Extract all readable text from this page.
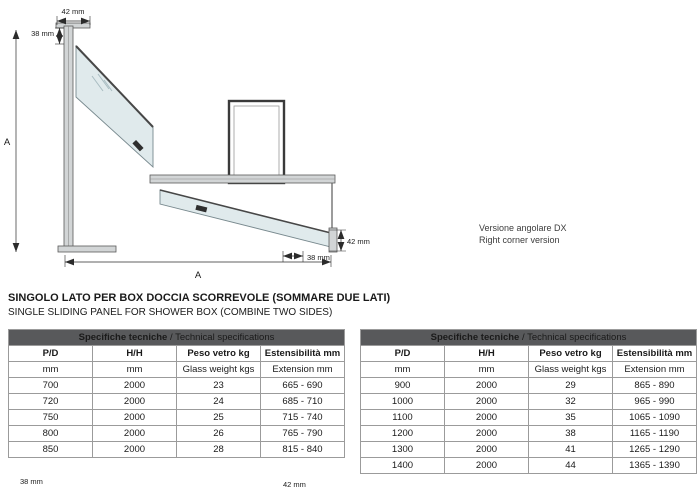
42 mm
38 mm
A
42 mm
38 mm
A
Versione angolare DX
Right corner version
SINGOLO LATO PER BOX DOCCIA SCORREVOLE (SOMMARE DUE LATI)
SINGLE SLIDING PANEL FOR SHOWER BOX (COMBINE TWO SIDES)
Specifiche tecniche / Technical specifications			
P/D	H/H	Peso vetro kg	Estensibilità mm
mm	mm	Glass weight kgs	Extension mm
700	2000	23	665 - 690
720	2000	24	685 - 710
750	2000	25	715 - 740
800	2000	26	765 - 790
850	2000	28	815 - 840
Specifiche tecniche / Technical specifications			
P/D	H/H	Peso vetro kg	Estensibilità mm
mm	mm	Glass weight kgs	Extension mm
900	2000	29	865 - 890
1000	2000	32	965 - 990
1100	2000	35	1065 - 1090
1200	2000	38	1165 - 1190
1300	2000	41	1265 - 1290
1400	2000	44	1365 - 1390
38 mm	42 mm
